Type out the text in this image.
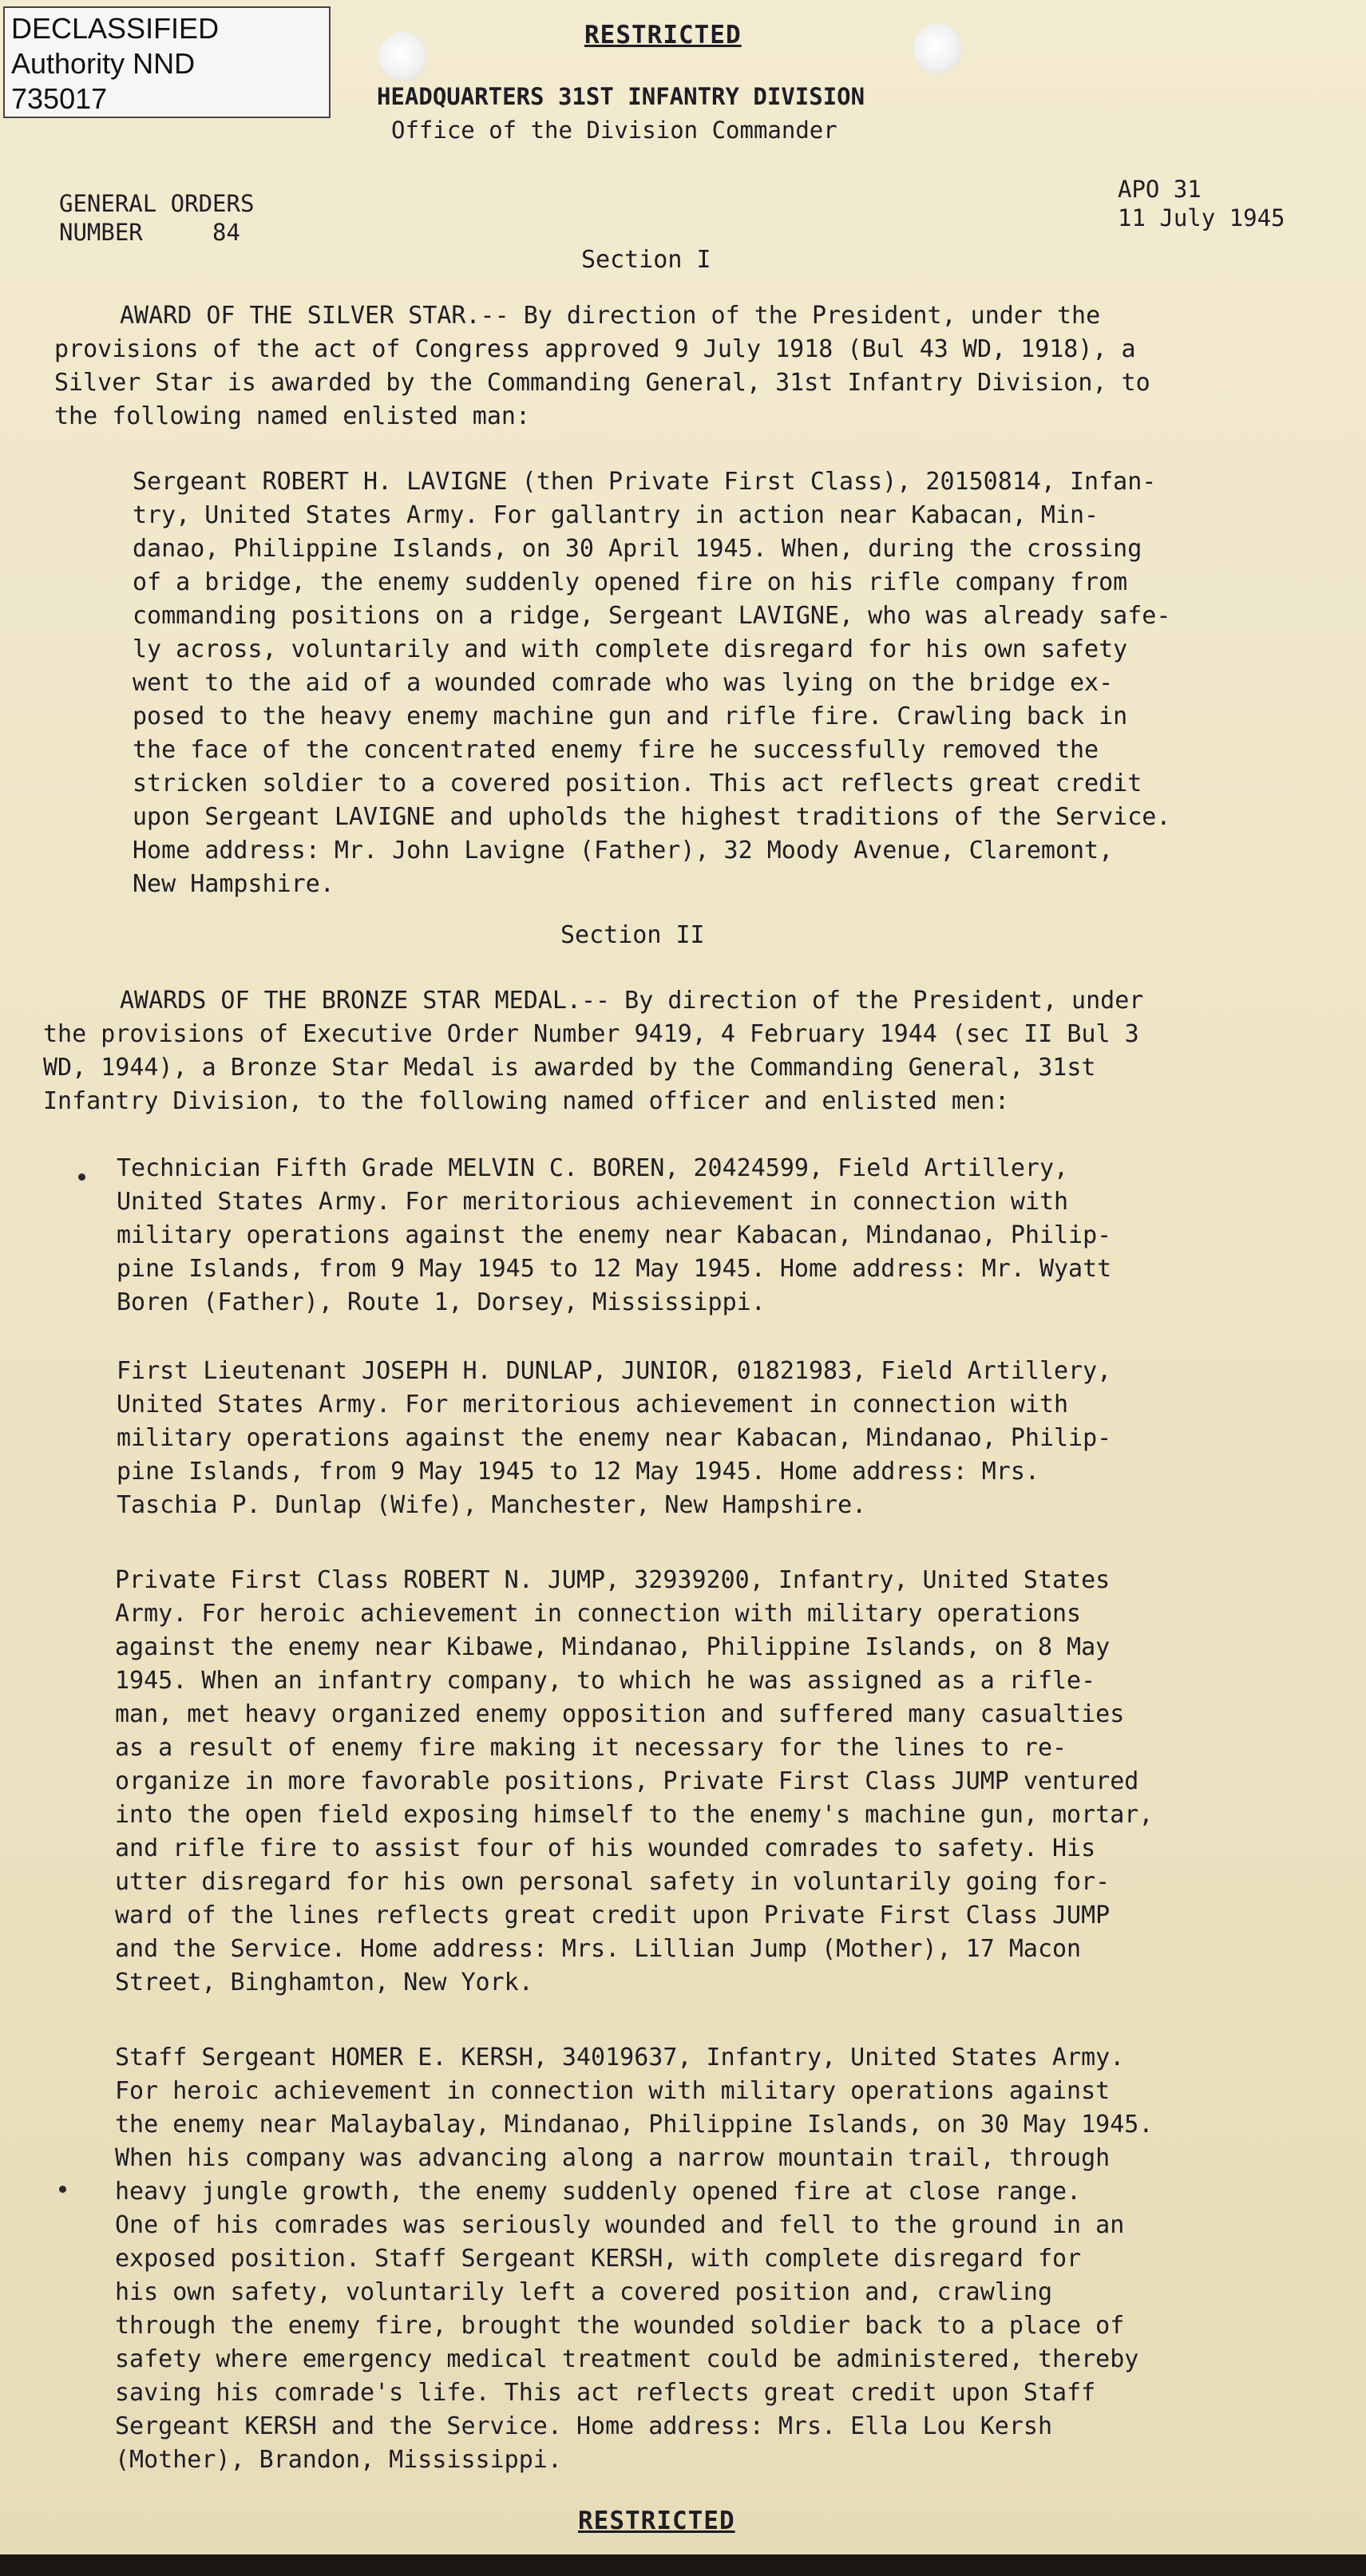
DECLASSIFIED
Authority NND
735017
RESTRICTED
HEADQUARTERS 31ST INFANTRY DIVISION
Office of the Division Commander
GENERAL ORDERS
NUMBER     84
APO 31
11 July 1945
Section I
AWARD OF THE SILVER STAR.-- By direction of the President, under the
provisions of the act of Congress approved 9 July 1918 (Bul 43 WD, 1918), a
Silver Star is awarded by the Commanding General, 31st Infantry Division, to
the following named enlisted man:
Sergeant ROBERT H. LAVIGNE (then Private First Class), 20150814, Infan-
try, United States Army. For gallantry in action near Kabacan, Min-
danao, Philippine Islands, on 30 April 1945. When, during the crossing
of a bridge, the enemy suddenly opened fire on his rifle company from
commanding positions on a ridge, Sergeant LAVIGNE, who was already safe-
ly across, voluntarily and with complete disregard for his own safety
went to the aid of a wounded comrade who was lying on the bridge ex-
posed to the heavy enemy machine gun and rifle fire. Crawling back in
the face of the concentrated enemy fire he successfully removed the
stricken soldier to a covered position. This act reflects great credit
upon Sergeant LAVIGNE and upholds the highest traditions of the Service.
Home address: Mr. John Lavigne (Father), 32 Moody Avenue, Claremont,
New Hampshire.
Section II
AWARDS OF THE BRONZE STAR MEDAL.-- By direction of the President, under
the provisions of Executive Order Number 9419, 4 February 1944 (sec II Bul 3
WD, 1944), a Bronze Star Medal is awarded by the Commanding General, 31st
Infantry Division, to the following named officer and enlisted men:
Technician Fifth Grade MELVIN C. BOREN, 20424599, Field Artillery,
United States Army. For meritorious achievement in connection with
military operations against the enemy near Kabacan, Mindanao, Philip-
pine Islands, from 9 May 1945 to 12 May 1945. Home address: Mr. Wyatt
Boren (Father), Route 1, Dorsey, Mississippi.
First Lieutenant JOSEPH H. DUNLAP, JUNIOR, 01821983, Field Artillery,
United States Army. For meritorious achievement in connection with
military operations against the enemy near Kabacan, Mindanao, Philip-
pine Islands, from 9 May 1945 to 12 May 1945. Home address: Mrs.
Taschia P. Dunlap (Wife), Manchester, New Hampshire.
Private First Class ROBERT N. JUMP, 32939200, Infantry, United States
Army. For heroic achievement in connection with military operations
against the enemy near Kibawe, Mindanao, Philippine Islands, on 8 May
1945. When an infantry company, to which he was assigned as a rifle-
man, met heavy organized enemy opposition and suffered many casualties
as a result of enemy fire making it necessary for the lines to re-
organize in more favorable positions, Private First Class JUMP ventured
into the open field exposing himself to the enemy's machine gun, mortar,
and rifle fire to assist four of his wounded comrades to safety. His
utter disregard for his own personal safety in voluntarily going for-
ward of the lines reflects great credit upon Private First Class JUMP
and the Service. Home address: Mrs. Lillian Jump (Mother), 17 Macon
Street, Binghamton, New York.
Staff Sergeant HOMER E. KERSH, 34019637, Infantry, United States Army.
For heroic achievement in connection with military operations against
the enemy near Malaybalay, Mindanao, Philippine Islands, on 30 May 1945.
When his company was advancing along a narrow mountain trail, through
heavy jungle growth, the enemy suddenly opened fire at close range.
One of his comrades was seriously wounded and fell to the ground in an
exposed position. Staff Sergeant KERSH, with complete disregard for
his own safety, voluntarily left a covered position and, crawling
through the enemy fire, brought the wounded soldier back to a place of
safety where emergency medical treatment could be administered, thereby
saving his comrade's life. This act reflects great credit upon Staff
Sergeant KERSH and the Service. Home address: Mrs. Ella Lou Kersh
(Mother), Brandon, Mississippi.
RESTRICTED
